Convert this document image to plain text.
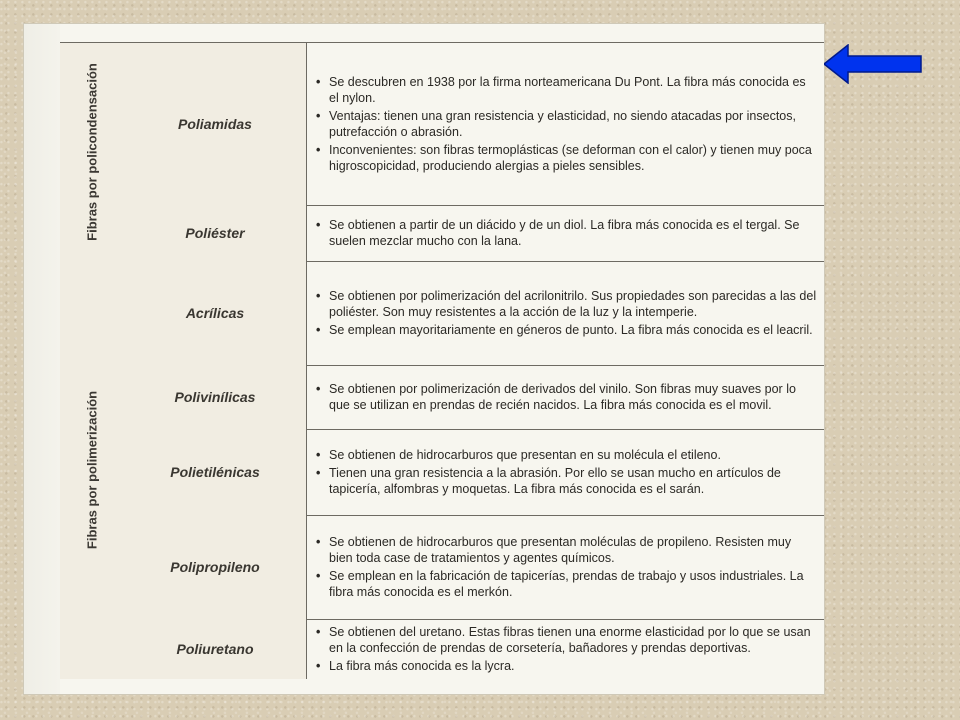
Fibras por policondensación
Fibras por polimerización
Poliamidas
• Se descubren en 1938 por la firma norteamericana Du Pont. La fibra más conocida es el nylon.
• Ventajas: tienen una gran resistencia y elasticidad, no siendo atacadas por insectos, putrefacción o abrasión.
• Inconvenientes: son fibras termoplásticas (se deforman con el calor) y tienen muy poca higroscopicidad, produciendo alergias a pieles sensibles.
Poliéster	• Se obtienen a partir de un diácido y de un diol. La fibra más conocida es el tergal. Se suelen mezclar mucho con la lana.
Acrílicas
• Se obtienen por polimerización del acrilonitrilo. Sus propiedades son parecidas a las del poliéster. Son muy resistentes a la acción de la luz y la intemperie.
• Se emplean mayoritariamente en géneros de punto. La fibra más conocida es el leacril.
Polivinílicas	• Se obtienen por polimerización de derivados del vinilo. Son fibras muy suaves por lo que se utilizan en prendas de recién nacidos. La fibra más conocida es el movil.
Polietilénicas
• Se obtienen de hidrocarburos que presentan en su molécula el etileno.
• Tienen una gran resistencia a la abrasión. Por ello se usan mucho en artículos de tapicería, alfombras y moquetas. La fibra más conocida es el sarán.
Polipropileno
• Se obtienen de hidrocarburos que presentan moléculas de propileno. Resisten muy bien toda case de tratamientos y agentes químicos.
• Se emplean en la fabricación de tapicerías, prendas de trabajo y usos industriales. La fibra más conocida es el merkón.
Poliuretano
• Se obtienen del uretano. Estas fibras tienen una enorme elasticidad por lo que se usan en la confección de prendas de corsetería, bañadores y prendas deportivas.
• La fibra más conocida es la lycra.
